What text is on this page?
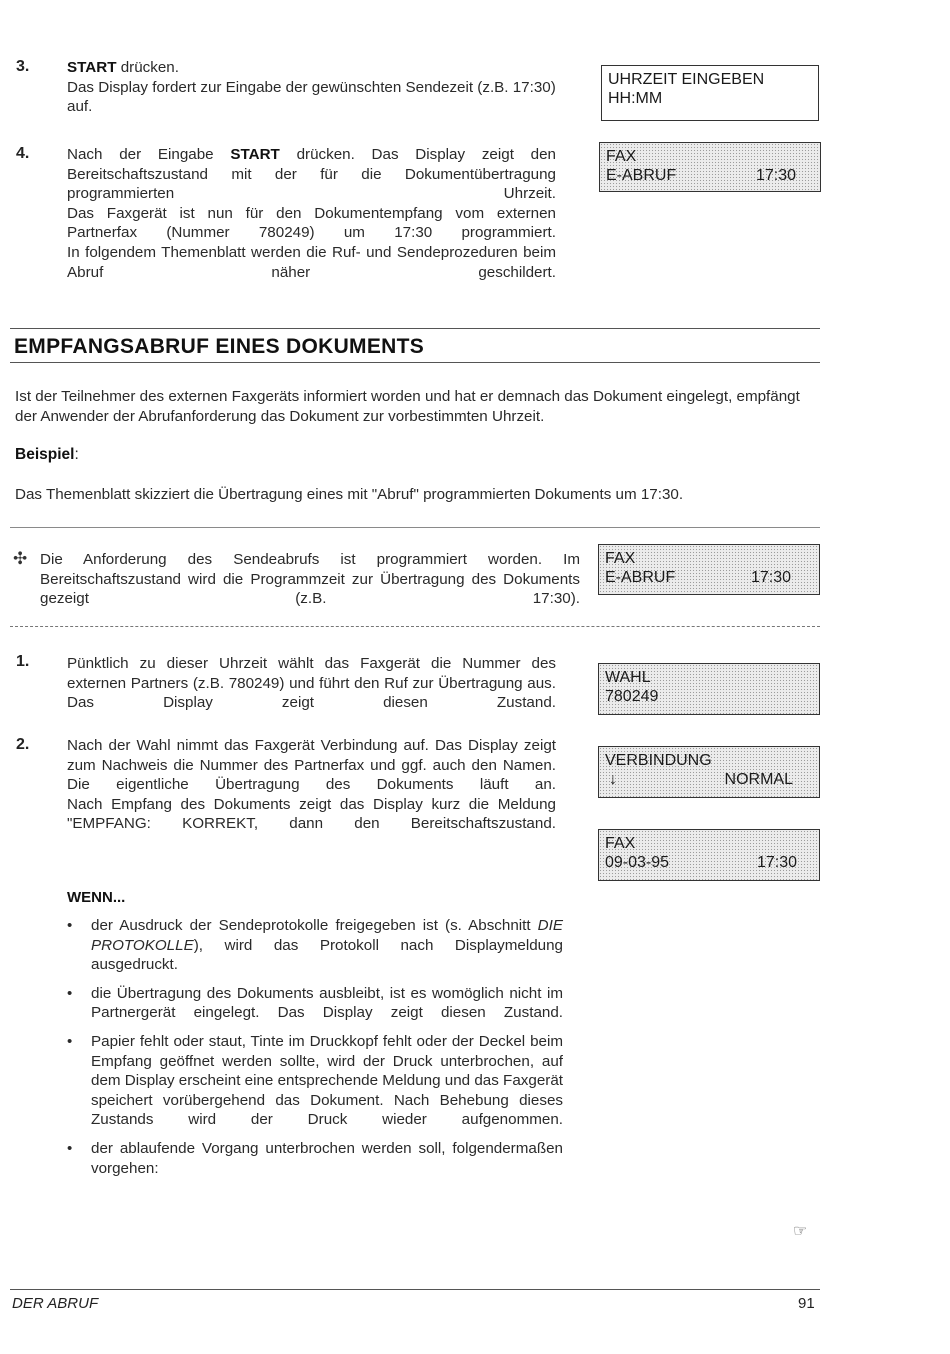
3. START drücken.
Das Display fordert zur Eingabe der gewünschten Sendezeit (z.B. 17:30) auf.
UHRZEIT EINGEBEN
HH:MM
4. Nach der Eingabe START drücken. Das Display zeigt den Bereitschaftszustand mit der für die Dokumentübertragung programmierten Uhrzeit.
Das Faxgerät ist nun für den Dokumentempfang vom externen Partnerfax (Nummer 780249) um 17:30 programmiert.
In folgendem Themenblatt werden die Ruf- und Sendeprozeduren beim Abruf näher geschildert.
FAX
E-ABRUF	17:30
EMPFANGSABRUF EINES DOKUMENTS
Ist der Teilnehmer des externen Faxgeräts informiert worden und hat er demnach das Dokument eingelegt, empfängt der Anwender der Abrufanforderung das Dokument zur vorbestimmten Uhrzeit.
Beispiel:
Das Themenblatt skizziert die Übertragung eines mit "Abruf" programmierten Dokuments um 17:30.
✣ Die Anforderung des Sendeabrufs ist programmiert worden. Im Bereitschaftszustand wird die Programmzeit zur Übertragung des Dokuments gezeigt (z.B. 17:30).
FAX
E-ABRUF	17:30
1. Pünktlich zu dieser Uhrzeit wählt das Faxgerät die Nummer des externen Partners (z.B. 780249) und führt den Ruf zur Übertragung aus. Das Display zeigt diesen Zustand.
WAHL
780249
2. Nach der Wahl nimmt das Faxgerät Verbindung auf. Das Display zeigt zum Nachweis die Nummer des Partnerfax und ggf. auch den Namen.
Die eigentliche Übertragung des Dokuments läuft an.
Nach Empfang des Dokuments zeigt das Display kurz die Meldung "EMPFANG: KORREKT, dann den Bereitschaftszustand.
VERBINDUNG
↓	NORMAL
FAX
09-03-95	17:30
WENN...
• der Ausdruck der Sendeprotokolle freigegeben ist (s. Abschnitt DIE PROTOKOLLE), wird das Protokoll nach Displaymeldung ausgedruckt.
• die Übertragung des Dokuments ausbleibt, ist es womöglich nicht im Partnergerät eingelegt. Das Display zeigt diesen Zustand.
• Papier fehlt oder staut, Tinte im Druckkopf fehlt oder der Deckel beim Empfang geöffnet werden sollte, wird der Druck unterbrochen, auf dem Display erscheint eine entsprechende Meldung und das Faxgerät speichert vorübergehend das Dokument. Nach Behebung dieses Zustands wird der Druck wieder aufgenommen.
• der ablaufende Vorgang unterbrochen werden soll, folgendermaßen vorgehen:
☞
DER ABRUF	91
